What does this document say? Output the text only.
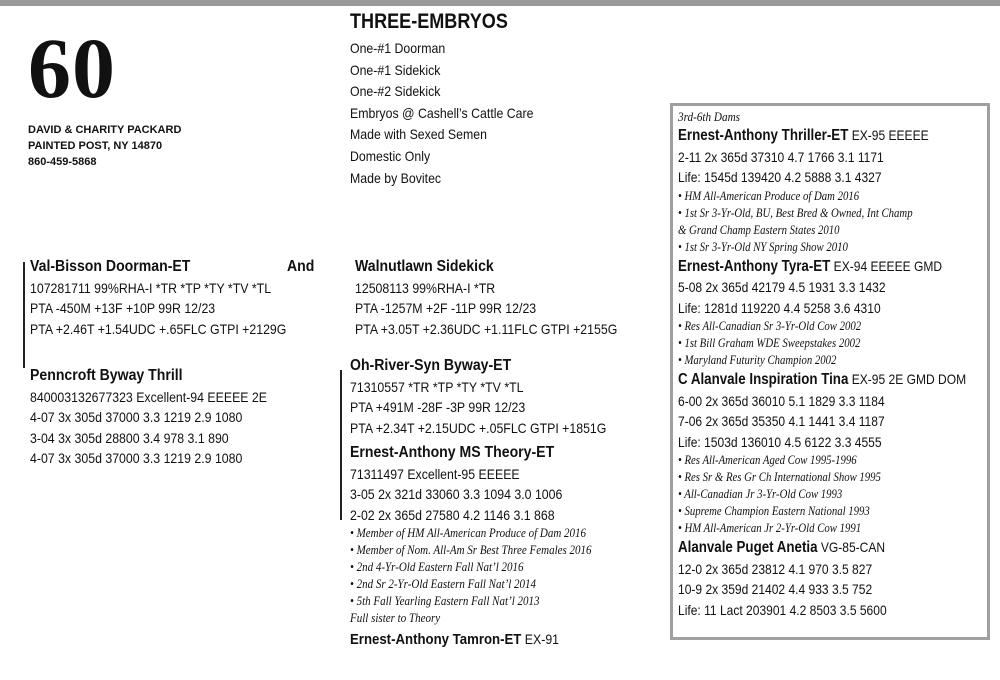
60
DAVID & CHARITY PACKARD
PAINTED POST, NY 14870
860-459-5868
THREE-EMBRYOS
One-#1 Doorman
One-#1 Sidekick
One-#2 Sidekick
Embryos @ Cashell’s Cattle Care
Made with Sexed Semen
Domestic Only
Made by Bovitec
Val-Bisson Doorman-ET
107281711 99%RHA-I *TR *TP *TY *TV *TL
PTA -450M +13F +10P 99R 12/23
PTA +2.46T +1.54UDC +.65FLC GTPI +2129G
And
Penncroft Byway Thrill
840003132677323 Excellent-94 EEEEE 2E
4-07 3x 305d 37000 3.3 1219 2.9 1080
3-04 3x 305d 28800 3.4 978 3.1 890
4-07 3x 305d 37000 3.3 1219 2.9 1080
Walnutlawn Sidekick
12508113 99%RHA-I *TR
PTA -1257M +2F -11P 99R 12/23
PTA +3.05T +2.36UDC +1.11FLC GTPI +2155G
Oh-River-Syn Byway-ET
71310557 *TR *TP *TY *TV *TL
PTA +491M -28F -3P 99R 12/23
PTA +2.34T +2.15UDC +.05FLC GTPI +1851G
Ernest-Anthony MS Theory-ET
71311497 Excellent-95 EEEEE
3-05 2x 321d 33060 3.3 1094 3.0 1006
2-02 2x 365d 27580 4.2 1146 3.1 868
• Member of HM All-American Produce of Dam 2016
• Member of Nom. All-Am Sr Best Three Females 2016
• 2nd 4-Yr-Old Eastern Fall Nat’l 2016
• 2nd Sr 2-Yr-Old Eastern Fall Nat’l 2014
• 5th Fall Yearling Eastern Fall Nat’l 2013
Full sister to Theory
Ernest-Anthony Tamron-ET EX-91
3rd-6th Dams
Ernest-Anthony Thriller-ET EX-95 EEEEE
2-11 2x 365d 37310 4.7 1766 3.1 1171
Life: 1545d 139420 4.2 5888 3.1 4327
• HM All-American Produce of Dam 2016
• 1st Sr 3-Yr-Old, BU, Best Bred & Owned, Int Champ
& Grand Champ Eastern States 2010
• 1st Sr 3-Yr-Old NY Spring Show 2010
Ernest-Anthony Tyra-ET EX-94 EEEEE GMD
5-08 2x 365d 42179 4.5 1931 3.3 1432
Life: 1281d 119220 4.4 5258 3.6 4310
• Res All-Canadian Sr 3-Yr-Old Cow 2002
• 1st Bill Graham WDE Sweepstakes 2002
• Maryland Futurity Champion 2002
C Alanvale Inspiration Tina EX-95 2E GMD DOM
6-00 2x 365d 36010 5.1 1829 3.3 1184
7-06 2x 365d 35350 4.1 1441 3.4 1187
Life: 1503d 136010 4.5 6122 3.3 4555
• Res All-American Aged Cow 1995-1996
• Res Sr & Res Gr Ch International Show 1995
• All-Canadian Jr 3-Yr-Old Cow 1993
• Supreme Champion Eastern National 1993
• HM All-American Jr 2-Yr-Old Cow 1991
Alanvale Puget Anetia VG-85-CAN
12-0 2x 365d 23812 4.1 970 3.5 827
10-9 2x 359d 21402 4.4 933 3.5 752
Life: 11 Lact 203901 4.2 8503 3.5 5600
